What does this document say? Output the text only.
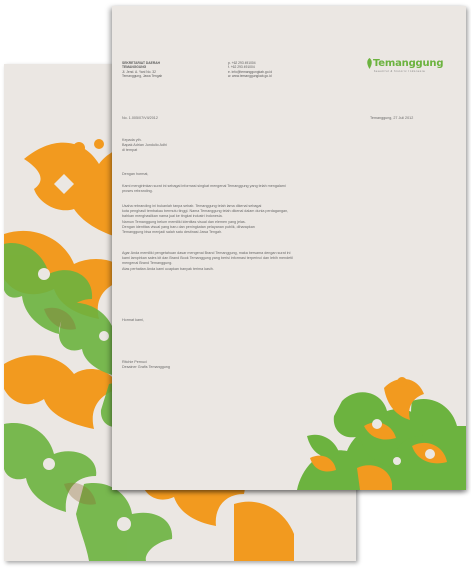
SEKRETARIAT DAERAH
TEMANGGUNG
Jl. Jend. A. Yani No. 32
Temanggung, Jawa Tengah
p. +62 293 491004
f. +62 293 491004
e. info@temanggungkab.go.id
w. www.temanggungkab.go.id
Temanggung
beautiful & historic Indonesia
No. 1.005/07/VII/2012	Temanggung, 27 Juli 2012
Kepada yth.
Bapak Adrian Jundulio Adhi
di tempat
Dengan hormat,
Kami mengirimkan surat ini sebagai informasi singkat mengenai Temanggung yang telah mengalami
proses rebranding.
Usaha rebranding ini bukanlah tanpa sebab. Temanggung telah lama dikenal sebagai
kota penghasil tembakau bermutu tinggi. Nama Temanggung telah dikenal dalam dunia perdagangan,
bahkan menghasilkan nama jual ke tingkat industri Indonesia.
Namun Temanggung belum memiliki identitas visual dan elemen yang jelas.
Dengan identitas visual yang baru dan peningkatan pelayanan publik, diharapkan
Temanggung bisa menjadi salah satu destinasi Jawa Tengah.
Agar Anda memiliki pengetahuan dasar mengenai Brand Temanggung, maka bersama dengan surat ini
kami lampirkan sales kit dan Brand Book Temanggung yang berisi informasi terperinci dan lebih mendetil
mengenai Brand Temanggung.
Atas perhatian Anda kami ucapkan banyak terima kasih.
Hormat kami,
Ritchie Pernuci
Desainer Grafis Temanggung
